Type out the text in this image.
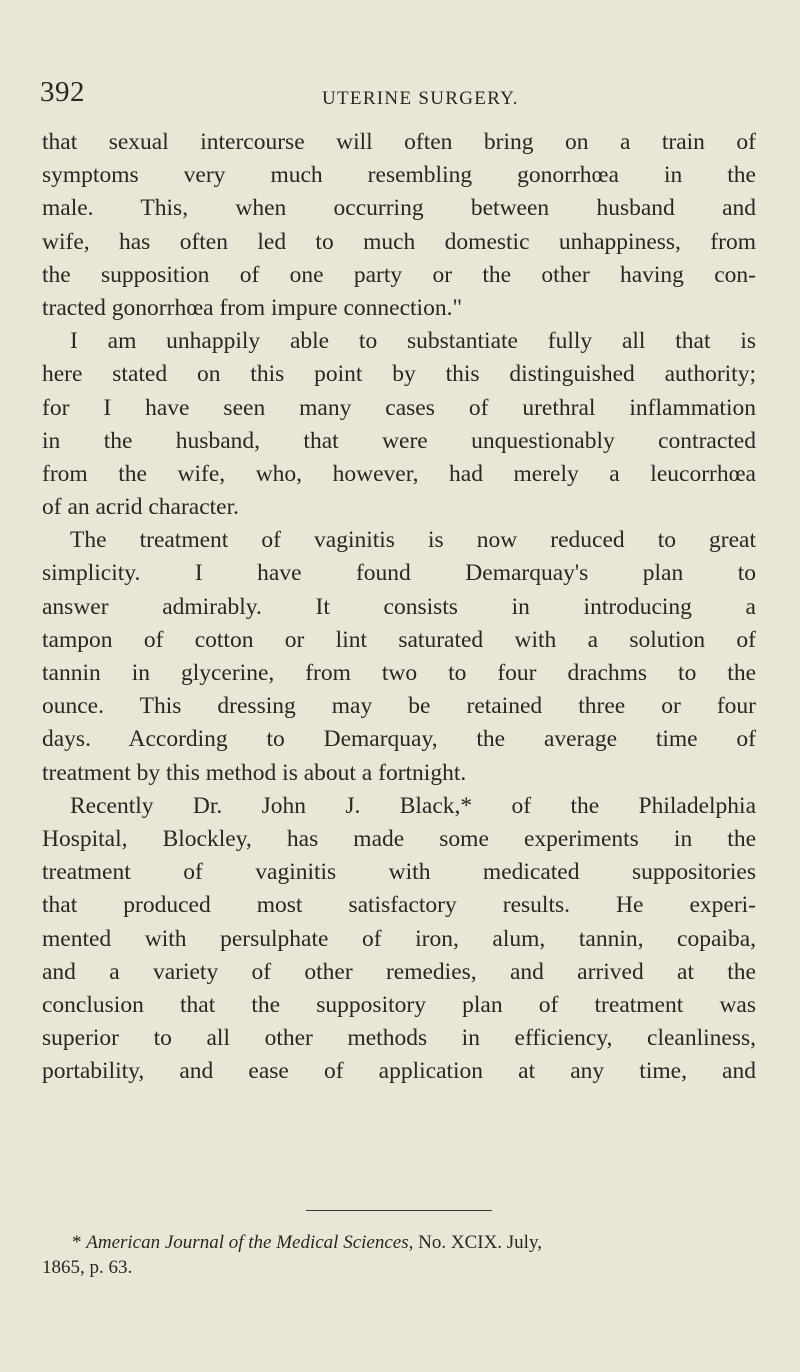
392	UTERINE SURGERY.
that sexual intercourse will often bring on a train of
symptoms very much resembling gonorrhœa in the
male. This, when occurring between husband and
wife, has often led to much domestic unhappiness, from
the supposition of one party or the other having con-
tracted gonorrhœa from impure connection."
I am unhappily able to substantiate fully all that is
here stated on this point by this distinguished authority;
for I have seen many cases of urethral inflammation
in the husband, that were unquestionably contracted
from the wife, who, however, had merely a leucorrhœa
of an acrid character.
The treatment of vaginitis is now reduced to great
simplicity. I have found Demarquay's plan to
answer admirably. It consists in introducing a
tampon of cotton or lint saturated with a solution of
tannin in glycerine, from two to four drachms to the
ounce. This dressing may be retained three or four
days. According to Demarquay, the average time of
treatment by this method is about a fortnight.
Recently Dr. John J. Black,* of the Philadelphia
Hospital, Blockley, has made some experiments in the
treatment of vaginitis with medicated suppositories
that produced most satisfactory results. He experi-
mented with persulphate of iron, alum, tannin, copaiba,
and a variety of other remedies, and arrived at the
conclusion that the suppository plan of treatment was
superior to all other methods in efficiency, cleanliness,
portability, and ease of application at any time, and
* American Journal of the Medical Sciences, No. XCIX. July,
1865, p. 63.
